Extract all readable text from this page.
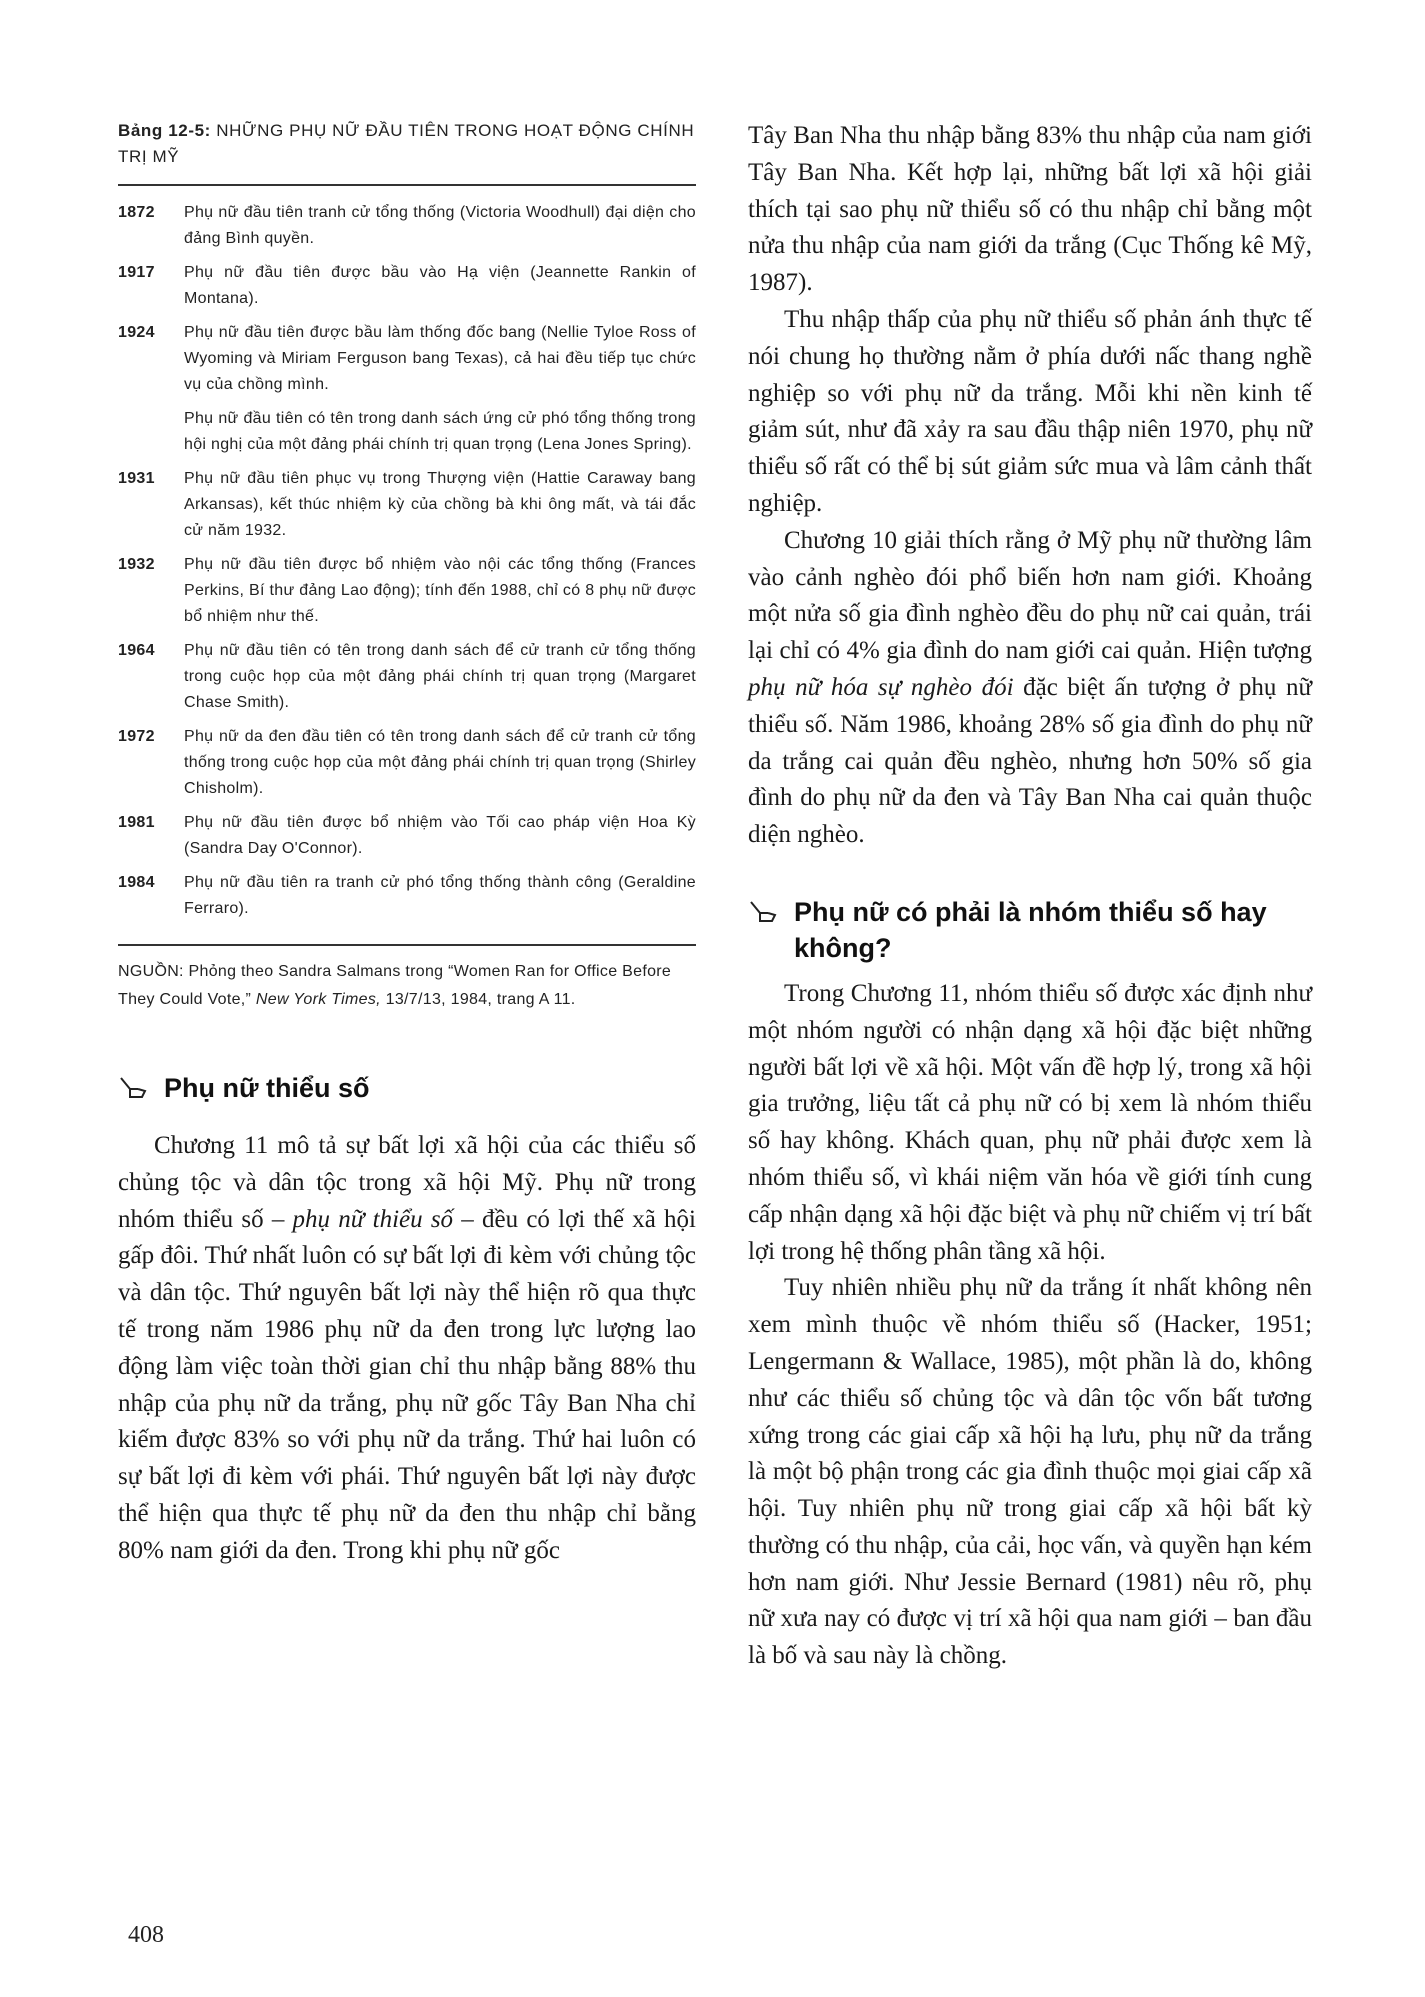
Bảng 12-5: NHỮNG PHỤ NỮ ĐẦU TIÊN TRONG HOẠT ĐỘNG CHÍNH TRỊ MỸ
1872 Phụ nữ đầu tiên tranh cử tổng thống (Victoria Woodhull) đại diện cho đảng Bình quyền.
1917 Phụ nữ đầu tiên được bầu vào Hạ viện (Jeannette Rankin of Montana).
1924 Phụ nữ đầu tiên được bầu làm thống đốc bang (Nellie Tyloe Ross of Wyoming và Miriam Ferguson bang Texas), cả hai đều tiếp tục chức vụ của chồng mình.
Phụ nữ đầu tiên có tên trong danh sách ứng cử phó tổng thống trong hội nghị của một đảng phái chính trị quan trọng (Lena Jones Spring).
1931 Phụ nữ đầu tiên phục vụ trong Thượng viện (Hattie Caraway bang Arkansas), kết thúc nhiệm kỳ của chồng bà khi ông mất, và tái đắc cử năm 1932.
1932 Phụ nữ đầu tiên được bổ nhiệm vào nội các tổng thống (Frances Perkins, Bí thư đảng Lao động); tính đến 1988, chỉ có 8 phụ nữ được bổ nhiệm như thế.
1964 Phụ nữ đầu tiên có tên trong danh sách để cử tranh cử tổng thống trong cuộc họp của một đảng phái chính trị quan trọng (Margaret Chase Smith).
1972 Phụ nữ da đen đầu tiên có tên trong danh sách để cử tranh cử tổng thống trong cuộc họp của một đảng phái chính trị quan trọng (Shirley Chisholm).
1981 Phụ nữ đầu tiên được bổ nhiệm vào Tối cao pháp viện Hoa Kỳ (Sandra Day O'Connor).
1984 Phụ nữ đầu tiên ra tranh cử phó tổng thống thành công (Geraldine Ferraro).

NGUỒN: Phỏng theo Sandra Salmans trong “Women Ran for Office Before They Could Vote,” New York Times, 13/7/13, 1984, trang A 11.

Phụ nữ thiểu số

Chương 11 mô tả sự bất lợi xã hội của các thiểu số chủng tộc và dân tộc trong xã hội Mỹ. Phụ nữ trong nhóm thiểu số – phụ nữ thiểu số – đều có lợi thế xã hội gấp đôi. Thứ nhất luôn có sự bất lợi đi kèm với chủng tộc và dân tộc. Thứ nguyên bất lợi này thể hiện rõ qua thực tế trong năm 1986 phụ nữ da đen trong lực lượng lao động làm việc toàn thời gian chỉ thu nhập bằng 88% thu nhập của phụ nữ da trắng, phụ nữ gốc Tây Ban Nha chỉ kiếm được 83% so với phụ nữ da trắng. Thứ hai luôn có sự bất lợi đi kèm với phái. Thứ nguyên bất lợi này được thể hiện qua thực tế phụ nữ da đen thu nhập chỉ bằng 80% nam giới da đen. Trong khi phụ nữ gốc

Tây Ban Nha thu nhập bằng 83% thu nhập của nam giới Tây Ban Nha. Kết hợp lại, những bất lợi xã hội giải thích tại sao phụ nữ thiểu số có thu nhập chỉ bằng một nửa thu nhập của nam giới da trắng (Cục Thống kê Mỹ, 1987).

Thu nhập thấp của phụ nữ thiểu số phản ánh thực tế nói chung họ thường nằm ở phía dưới nấc thang nghề nghiệp so với phụ nữ da trắng. Mỗi khi nền kinh tế giảm sút, như đã xảy ra sau đầu thập niên 1970, phụ nữ thiểu số rất có thể bị sút giảm sức mua và lâm cảnh thất nghiệp.

Chương 10 giải thích rằng ở Mỹ phụ nữ thường lâm vào cảnh nghèo đói phổ biến hơn nam giới. Khoảng một nửa số gia đình nghèo đều do phụ nữ cai quản, trái lại chỉ có 4% gia đình do nam giới cai quản. Hiện tượng phụ nữ hóa sự nghèo đói đặc biệt ấn tượng ở phụ nữ thiểu số. Năm 1986, khoảng 28% số gia đình do phụ nữ da trắng cai quản đều nghèo, nhưng hơn 50% số gia đình do phụ nữ da đen và Tây Ban Nha cai quản thuộc diện nghèo.

Phụ nữ có phải là nhóm thiểu số hay không?

Trong Chương 11, nhóm thiểu số được xác định như một nhóm người có nhận dạng xã hội đặc biệt những người bất lợi về xã hội. Một vấn đề hợp lý, trong xã hội gia trưởng, liệu tất cả phụ nữ có bị xem là nhóm thiểu số hay không. Khách quan, phụ nữ phải được xem là nhóm thiểu số, vì khái niệm văn hóa về giới tính cung cấp nhận dạng xã hội đặc biệt và phụ nữ chiếm vị trí bất lợi trong hệ thống phân tầng xã hội.

Tuy nhiên nhiều phụ nữ da trắng ít nhất không nên xem mình thuộc về nhóm thiểu số (Hacker, 1951; Lengermann & Wallace, 1985), một phần là do, không như các thiểu số chủng tộc và dân tộc vốn bất tương xứng trong các giai cấp xã hội hạ lưu, phụ nữ da trắng là một bộ phận trong các gia đình thuộc mọi giai cấp xã hội. Tuy nhiên phụ nữ trong giai cấp xã hội bất kỳ thường có thu nhập, của cải, học vấn, và quyền hạn kém hơn nam giới. Như Jessie Bernard (1981) nêu rõ, phụ nữ xưa nay có được vị trí xã hội qua nam giới – ban đầu là bố và sau này là chồng.

408
